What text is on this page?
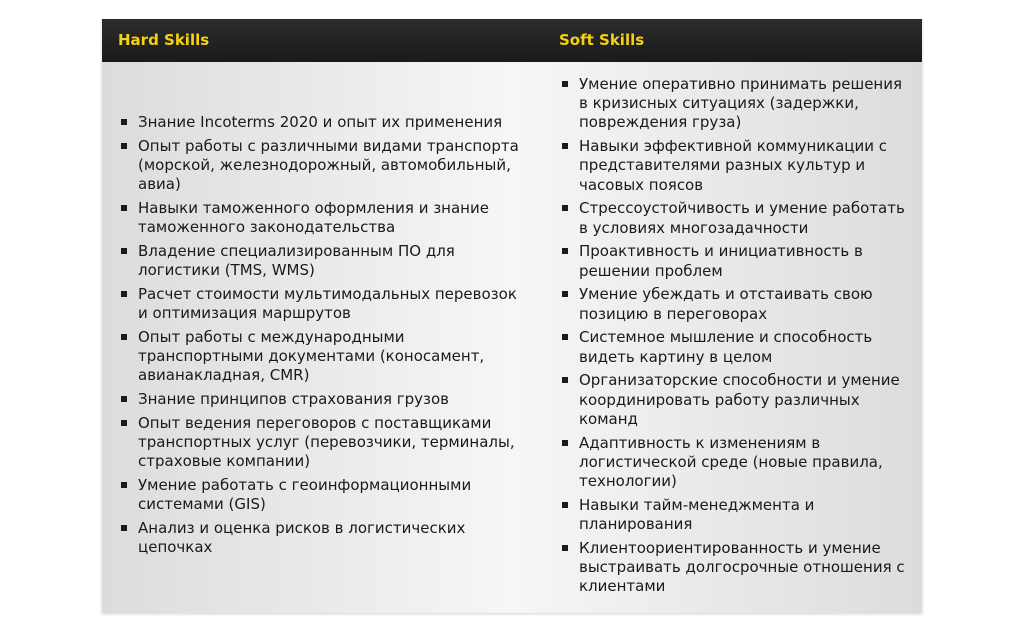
Hard Skills	Soft Skills
Знание Incoterms 2020 и опыт их применения
Опыт работы с различными видами транспорта (морской, железнодорожный, автомобильный, авиа)
Навыки таможенного оформления и знание таможенного законодательства
Владение специализированным ПО для логистики (TMS, WMS)
Расчет стоимости мультимодальных перевозок и оптимизация маршрутов
Опыт работы с международными транспортными документами (коносамент, авианакладная, CMR)
Знание принципов страхования грузов
Опыт ведения переговоров с поставщиками транспортных услуг (перевозчики, терминалы, страховые компании)
Умение работать с геоинформационными системами (GIS)
Анализ и оценка рисков в логистических цепочках
Умение оперативно принимать решения в кризисных ситуациях (задержки, повреждения груза)
Навыки эффективной коммуникации с представителями разных культур и часовых поясов
Стрессоустойчивость и умение работать в условиях многозадачности
Проактивность и инициативность в решении проблем
Умение убеждать и отстаивать свою позицию в переговорах
Системное мышление и способность видеть картину в целом
Организаторские способности и умение координировать работу различных команд
Адаптивность к изменениям в логистической среде (новые правила, технологии)
Навыки тайм-менеджмента и планирования
Клиентоориентированность и умение выстраивать долгосрочные отношения с клиентами
